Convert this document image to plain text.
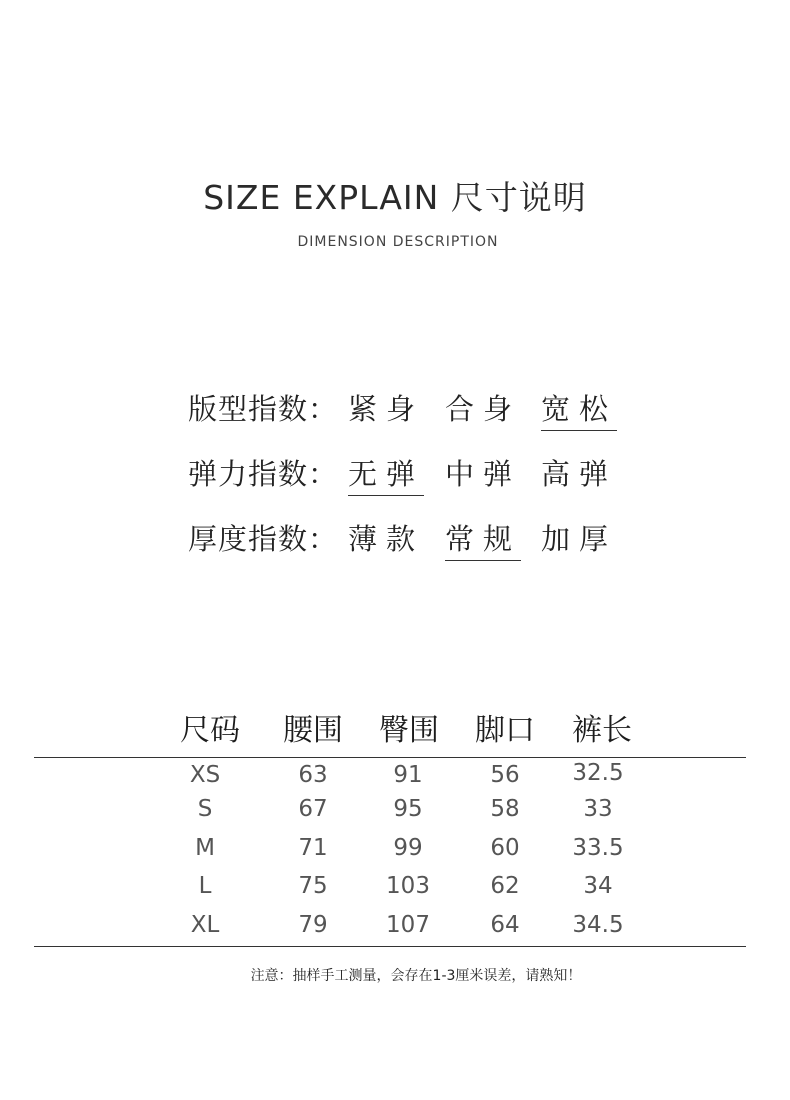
SIZE EXPLAIN 尺寸说明
DIMENSION DESCRIPTION
版型指数： 紧身 合身 宽松
弹力指数： 无弹 中弹 高弹
厚度指数： 薄款 常规 加厚
尺码	腰围	臀围	脚口	裤长
XS	63	91	56	32.5
S	67	95	58	33
M	71	99	60	33.5
L	75	103	62	34
XL	79	107	64	34.5
注意：抽样手工测量，会存在1-3厘米误差，请熟知！
